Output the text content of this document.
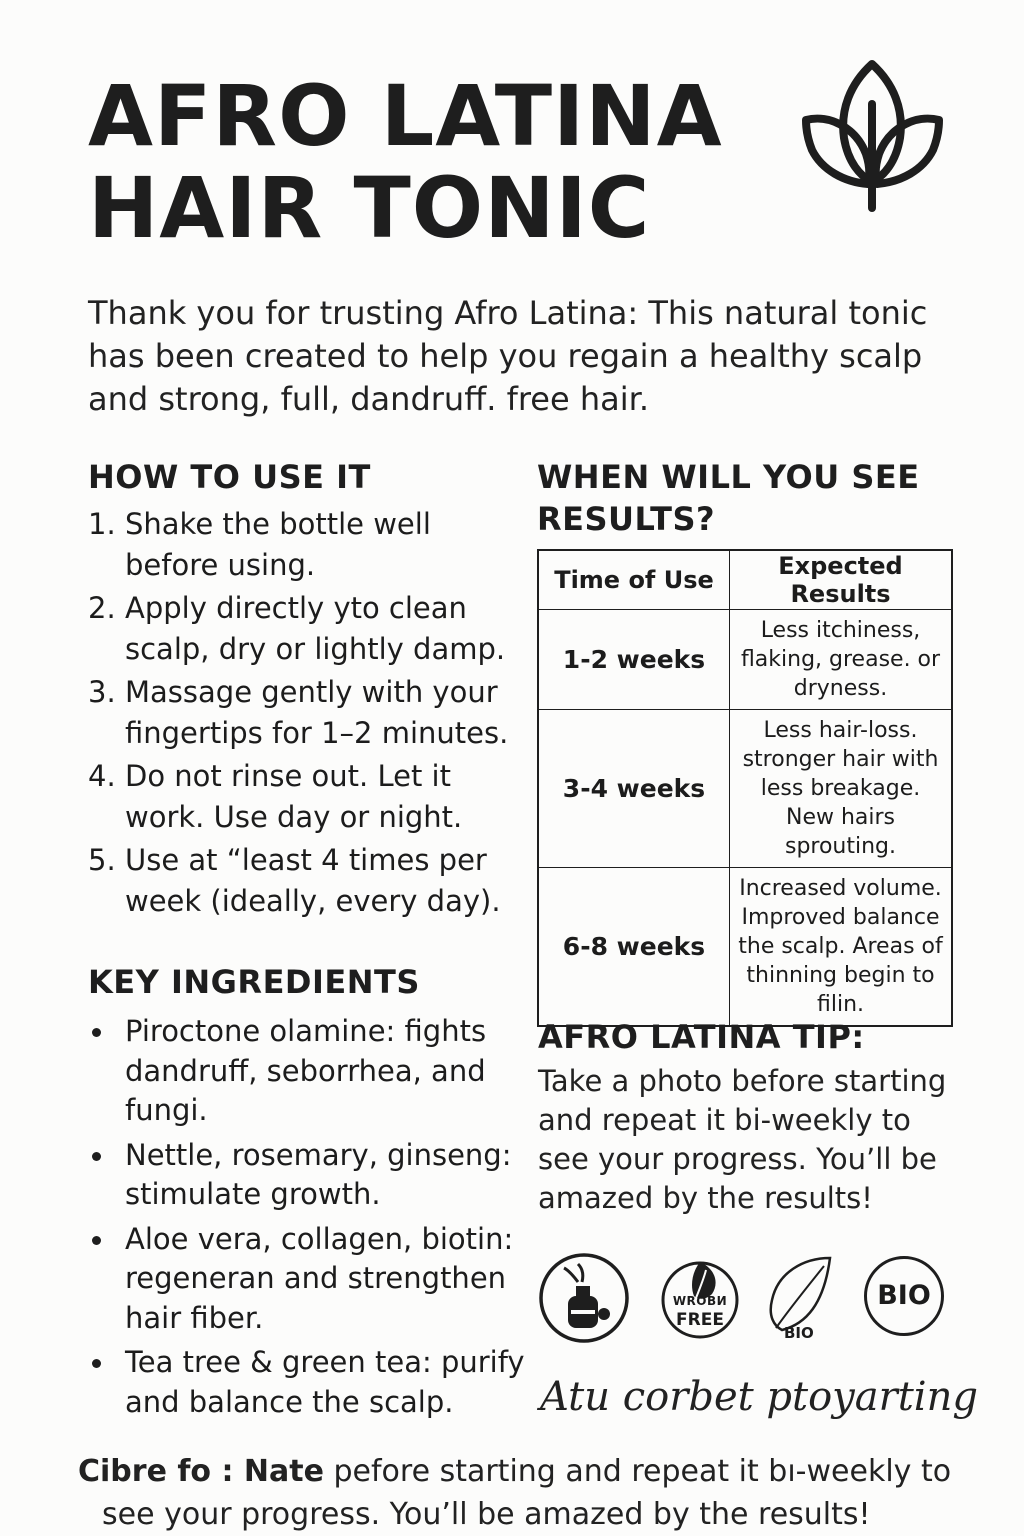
AFRO LATINA
HAIR TONIC
Thank you for trusting Afro Latina: This natural tonic has been created to help you regain a healthy scalp and strong, full, dandruff. free hair.
HOW TO USE IT
1. Shake the bottle well before using.
2. Apply directly yto clean scalp, dry or lightly damp.
3. Massage gently with your fingertips for 1–2 minutes.
4. Do not rinse out. Let it work. Use day or night.
5. Use at “least 4 times per week (ideally, every day).
KEY INGREDIENTS
Piroctone olamine: fights dandruff, seborrhea, and fungi.
Nettle, rosemary, ginseng: stimulate growth.
Aloe vera, collagen, biotin: regeneran and strengthen hair fiber.
Tea tree & green tea: purify and balance the scalp.
WHEN WILL YOU SEE
RESULTS?
Time of Use	Expected Results
1-2 weeks	Less itchiness, flaking, grease. or dryness.
3-4 weeks	Less hair-loss. stronger hair with less breakage. New hairs sprouting.
6-8 weeks	Increased volume. Improved balance the scalp. Areas of thinning begin to filin.
AFRO LATINA TIP:
Take a photo before starting and repeat it bi-weekly to see your progress. You’ll be amazed by the results!
WROBИ
FREE
BIO
BIO
Atu corbet ptoyarting
Cibre fo : Nate pefore starting and repeat it bı-weekly to
see your progress. You’ll be amazed by the results!
